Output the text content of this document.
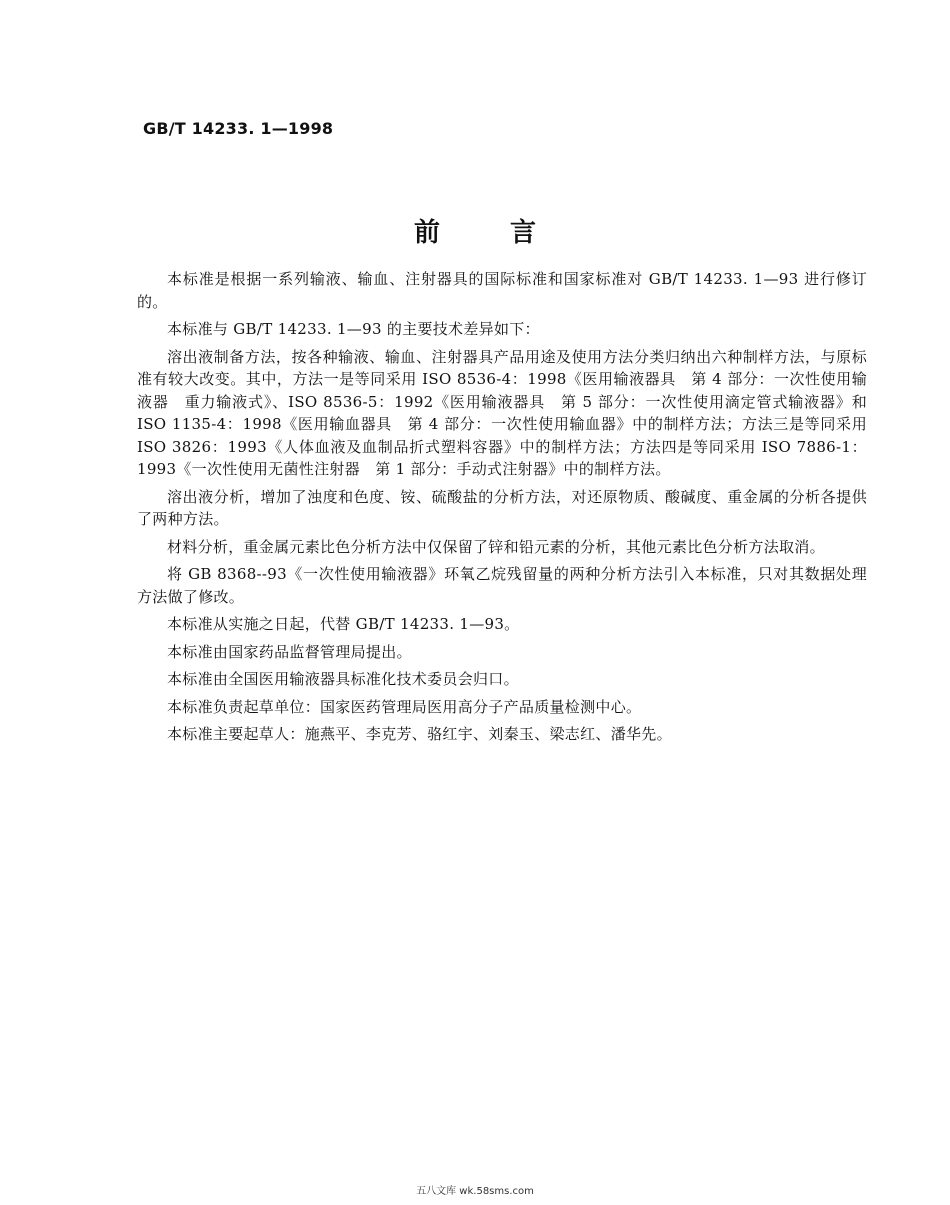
GB/T 14233. 1—1998

前言

本标准是根据一系列输液、输血、注射器具的国际标准和国家标准对 GB/T 14233. 1—93 进行修订的。

本标准与 GB/T 14233. 1—93 的主要技术差异如下：

溶出液制备方法，按各种输液、输血、注射器具产品用途及使用方法分类归纳出六种制样方法，与原标准有较大改变。其中，方法一是等同采用 ISO 8536-4：1998《医用输液器具　第 4 部分：一次性使用输液器　重力输液式》、ISO 8536-5：1992《医用输液器具　第 5 部分：一次性使用滴定管式输液器》和 ISO 1135-4：1998《医用输血器具　第 4 部分：一次性使用输血器》中的制样方法；方法三是等同采用 ISO 3826：1993《人体血液及血制品折式塑料容器》中的制样方法；方法四是等同采用 ISO 7886-1：1993《一次性使用无菌性注射器　第 1 部分：手动式注射器》中的制样方法。

溶出液分析，增加了浊度和色度、铵、硫酸盐的分析方法，对还原物质、酸碱度、重金属的分析各提供了两种方法。

材料分析，重金属元素比色分析方法中仅保留了锌和铅元素的分析，其他元素比色分析方法取消。

将 GB 8368--93《一次性使用输液器》环氧乙烷残留量的两种分析方法引入本标准，只对其数据处理方法做了修改。

本标准从实施之日起，代替 GB/T 14233. 1—93。

本标准由国家药品监督管理局提出。

本标准由全国医用输液器具标准化技术委员会归口。

本标准负责起草单位：国家医药管理局医用高分子产品质量检测中心。

本标准主要起草人：施燕平、李克芳、骆红宇、刘秦玉、梁志红、潘华先。

五八文库 wk.58sms.com
